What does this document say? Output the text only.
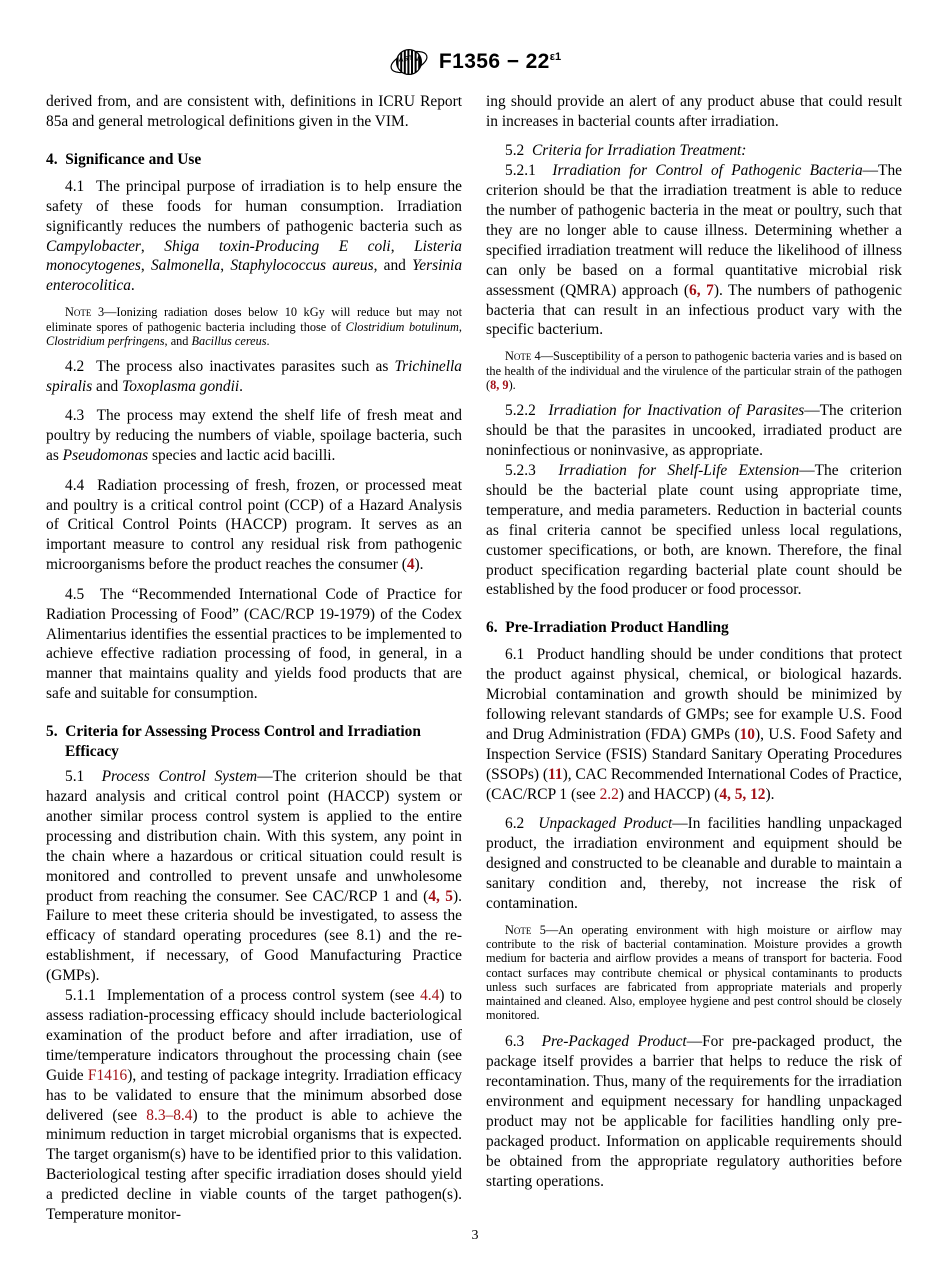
A S T M $F1356 - 22^{\varepsilon 1}$

derived from, and are consistent with, definitions in ICRU Report 85a and general metrological definitions given in the VIM.

4. Significance and Use

4.1 The principal purpose of irradiation is to help ensure the safety of these foods for human consumption. Irradiation significantly reduces the numbers of pathogenic bacteria such as Campylobacter, Shiga toxin-Producing E coli, Listeria monocytogenes, Salmonella, Staphylococcus aureus, and Yersinia enterocolitica.

Note 3—Ionizing radiation doses below 10 kGy will reduce but may not eliminate spores of pathogenic bacteria including those of Clostridium botulinum, Clostridium perfringens, and Bacillus cereus.

4.2 The process also inactivates parasites such as Trichinella spiralis and Toxoplasma gondii.

4.3 The process may extend the shelf life of fresh meat and poultry by reducing the numbers of viable, spoilage bacteria, such as Pseudomonas species and lactic acid bacilli.

4.4 Radiation processing of fresh, frozen, or processed meat and poultry is a critical control point (CCP) of a Hazard Analysis of Critical Control Points (HACCP) program. It serves as an important measure to control any residual risk from pathogenic microorganisms before the product reaches the consumer (4).

4.5 The “Recommended International Code of Practice for Radiation Processing of Food” (CAC/RCP 19-1979) of the Codex Alimentarius identifies the essential practices to be implemented to achieve effective radiation processing of food, in general, in a manner that maintains quality and yields food products that are safe and suitable for consumption.

5. Criteria for Assessing Process Control and Irradiation Efficacy

5.1 Process Control System—The criterion should be that hazard analysis and critical control point (HACCP) system or another similar process control system is applied to the entire processing and distribution chain. With this system, any point in the chain where a hazardous or critical situation could result is monitored and controlled to prevent unsafe and unwholesome product from reaching the consumer. See CAC/RCP 1 and (4, 5). Failure to meet these criteria should be investigated, to assess the efficacy of standard operating procedures (see 8.1) and the re-establishment, if necessary, of Good Manufacturing Practice (GMPs).

5.1.1 Implementation of a process control system (see 4.4) to assess radiation-processing efficacy should include bacteriological examination of the product before and after irradiation, use of time/temperature indicators throughout the processing chain (see Guide F1416), and testing of package integrity. Irradiation efficacy has to be validated to ensure that the minimum absorbed dose delivered (see 8.3–8.4) to the product is able to achieve the minimum reduction in target microbial organisms that is expected. The target organism(s) have to be identified prior to this validation. Bacteriological testing after specific irradiation doses should yield a predicted decline in viable counts of the target pathogen(s). Temperature monitor-

ing should provide an alert of any product abuse that could result in increases in bacterial counts after irradiation.

5.2 Criteria for Irradiation Treatment:

5.2.1 Irradiation for Control of Pathogenic Bacteria—The criterion should be that the irradiation treatment is able to reduce the number of pathogenic bacteria in the meat or poultry, such that they are no longer able to cause illness. Determining whether a specified irradiation treatment will reduce the likelihood of illness can only be based on a formal quantitative microbial risk assessment (QMRA) approach (6, 7). The numbers of pathogenic bacteria that can result in an infectious product vary with the specific bacterium.

Note 4—Susceptibility of a person to pathogenic bacteria varies and is based on the health of the individual and the virulence of the particular strain of the pathogen (8, 9).

5.2.2 Irradiation for Inactivation of Parasites—The criterion should be that the parasites in uncooked, irradiated product are noninfectious or noninvasive, as appropriate.

5.2.3 Irradiation for Shelf-Life Extension—The criterion should be the bacterial plate count using appropriate time, temperature, and media parameters. Reduction in bacterial counts as final criteria cannot be specified unless local regulations, customer specifications, or both, are known. Therefore, the final product specification regarding bacterial plate count should be established by the food producer or food processor.

6. Pre-Irradiation Product Handling

6.1 Product handling should be under conditions that protect the product against physical, chemical, or biological hazards. Microbial contamination and growth should be minimized by following relevant standards of GMPs; see for example U.S. Food and Drug Administration (FDA) GMPs (10), U.S. Food Safety and Inspection Service (FSIS) Standard Sanitary Operating Procedures (SSOPs) (11), CAC Recommended International Codes of Practice, (CAC/RCP 1 (see 2.2) and HACCP) (4, 5, 12).

6.2 Unpackaged Product—In facilities handling unpackaged product, the irradiation environment and equipment should be designed and constructed to be cleanable and durable to maintain a sanitary condition and, thereby, not increase the risk of contamination.

Note 5—An operating environment with high moisture or airflow may contribute to the risk of bacterial contamination. Moisture provides a growth medium for bacteria and airflow provides a means of transport for bacteria. Food contact surfaces may contribute chemical or physical contaminants to products unless such surfaces are fabricated from appropriate materials and properly maintained and cleaned. Also, employee hygiene and pest control should be closely monitored.

6.3 Pre-Packaged Product—For pre-packaged product, the package itself provides a barrier that helps to reduce the risk of recontamination. Thus, many of the requirements for the irradiation environment and equipment necessary for handling unpackaged product may not be applicable for facilities handling only pre-packaged product. Information on applicable requirements should be obtained from the appropriate regulatory authorities before starting operations.

3
